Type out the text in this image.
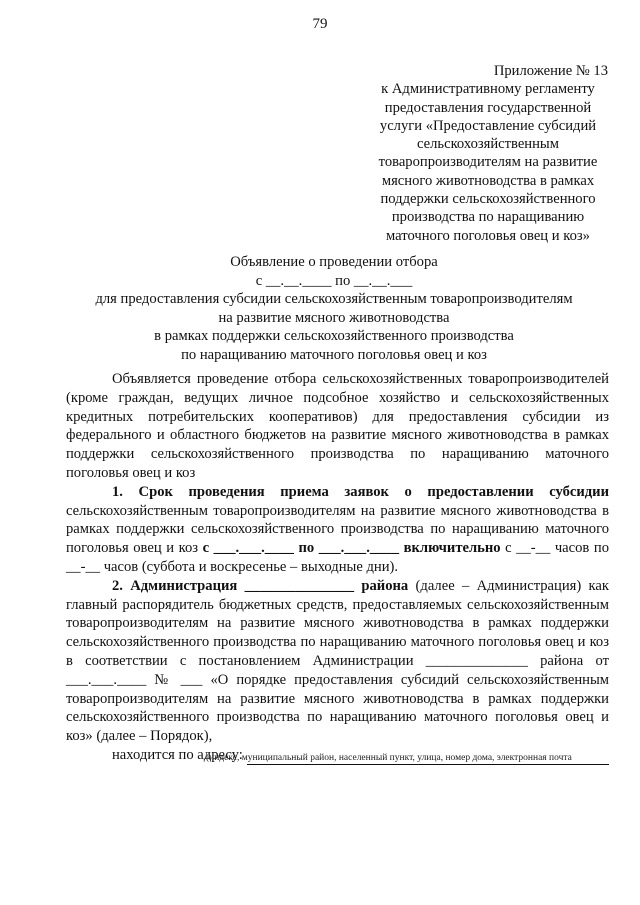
79
Приложение № 13
к Административному регламенту
предоставления государственной
услуги «Предоставление субсидий
сельскохозяйственным
товаропроизводителям на развитие
мясного животноводства в рамках
поддержки сельскохозяйственного
производства по наращиванию
маточного поголовья овец и коз»
Объявление о проведении отбора
с __.__.____ по __.__.___
для предоставления субсидии сельскохозяйственным товаропроизводителям
на развитие мясного животноводства
в рамках поддержки сельскохозяйственного производства
по наращиванию маточного поголовья овец и коз

Объявляется проведение отбора сельскохозяйственных товаропроизводителей (кроме граждан, ведущих личное подсобное хозяйство и сельскохозяйственных кредитных потребительских кооперативов) для предоставления субсидии из федерального и областного бюджетов на развитие мясного животноводства в рамках поддержки сельскохозяйственного производства по наращиванию маточного поголовья овец и коз

1. Срок проведения приема заявок о предоставлении субсидии сельскохозяйственным товаропроизводителям на развитие мясного животноводства в рамках поддержки сельскохозяйственного производства по наращиванию маточного поголовья овец и коз с ___.___.____ по ___.___.____ включительно с __-__ часов по __-__ часов (суббота и воскресенье – выходные дни).

2. Администрация _______________ района (далее – Администрация) как главный распорядитель бюджетных средств, предоставляемых сельскохозяйственным товаропроизводителям на развитие мясного животноводства в рамках поддержки сельскохозяйственного производства по наращиванию маточного поголовья овец и коз в соответствии с постановлением Администрации ______________ района от ___.___.____ № ___ «О порядке предоставления субсидий сельскохозяйственным товаропроизводителям на развитие мясного животноводства в рамках поддержки сельскохозяйственного производства по наращиванию маточного поголовья овец и коз» (далее – Порядок),

находится по адресу:

(индекс, муниципальный район, населенный пункт, улица, номер дома, электронная почта
